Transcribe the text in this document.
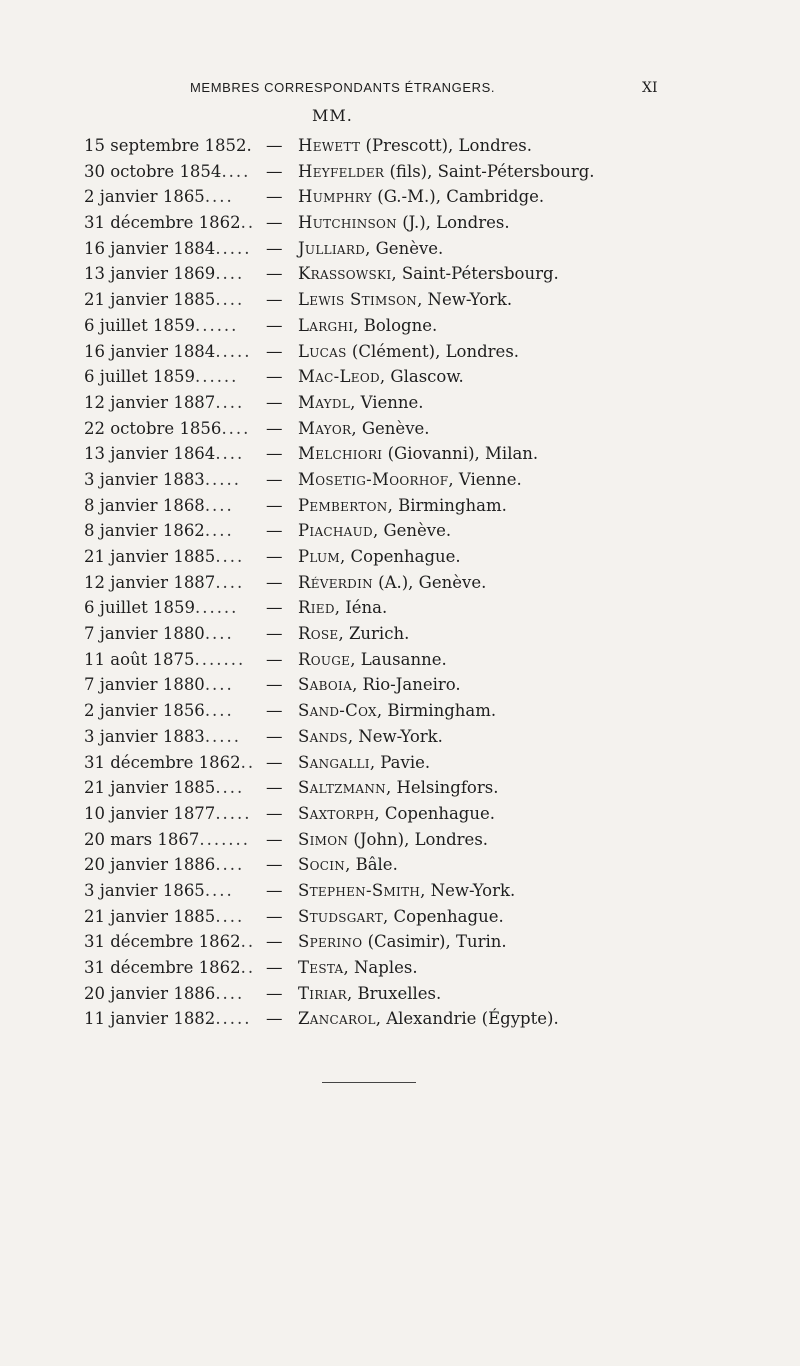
MEMBRES CORRESPONDANTS ÉTRANGERS.	XI
MM.
15 septembre 1852. — Hewett (Prescott), Londres.
30 octobre 1854.... — Heyfelder (fils), Saint-Pétersbourg.
2 janvier 1865....	— Humphry (G.-M.), Cambridge.
31 décembre 1862.. — Hutchinson (J.), Londres.
16 janvier 1884..... — Julliard, Genève.
13 janvier 1869....	— Krassowski, Saint-Pétersbourg.
21 janvier 1885....	— Lewis Stimson, New-York.
6 juillet 1859......	— Larghi, Bologne.
16 janvier 1884..... — Lucas (Clément), Londres.
6 juillet 1859......	— Mac-Leod, Glascow.
12 janvier 1887....	— Maydl, Vienne.
22 octobre 1856.... — Mayor, Genève.
13 janvier 1864....	— Melchiori (Giovanni), Milan.
3 janvier 1883.....	— Mosetig-Moorhof, Vienne.
8 janvier 1868....	— Pemberton, Birmingham.
8 janvier 1862....	— Piachaud, Genève.
21 janvier 1885....	— Plum, Copenhague.
12 janvier 1887....	— Réverdin (A.), Genève.
6 juillet 1859......	— Ried, Iéna.
7 janvier 1880....	— Rose, Zurich.
11 août 1875.......	— Rouge, Lausanne.
7 janvier 1880....	— Saboia, Rio-Janeiro.
2 janvier 1856....	— Sand-Cox, Birmingham.
3 janvier 1883.....	— Sands, New-York.
31 décembre 1862.. — Sangalli, Pavie.
21 janvier 1885....	— Saltzmann, Helsingfors.
10 janvier 1877..... — Saxtorph, Copenhague.
20 mars 1867....... — Simon (John), Londres.
20 janvier 1886....	— Socin, Bâle.
3 janvier 1865....	— Stephen-Smith, New-York.
21 janvier 1885....	— Studsgart, Copenhague.
31 décembre 1862.. — Sperino (Casimir), Turin.
31 décembre 1862.. — Testa, Naples.
20 janvier 1886....	— Tiriar, Bruxelles.
11 janvier 1882..... — Zancarol, Alexandrie (Égypte).
